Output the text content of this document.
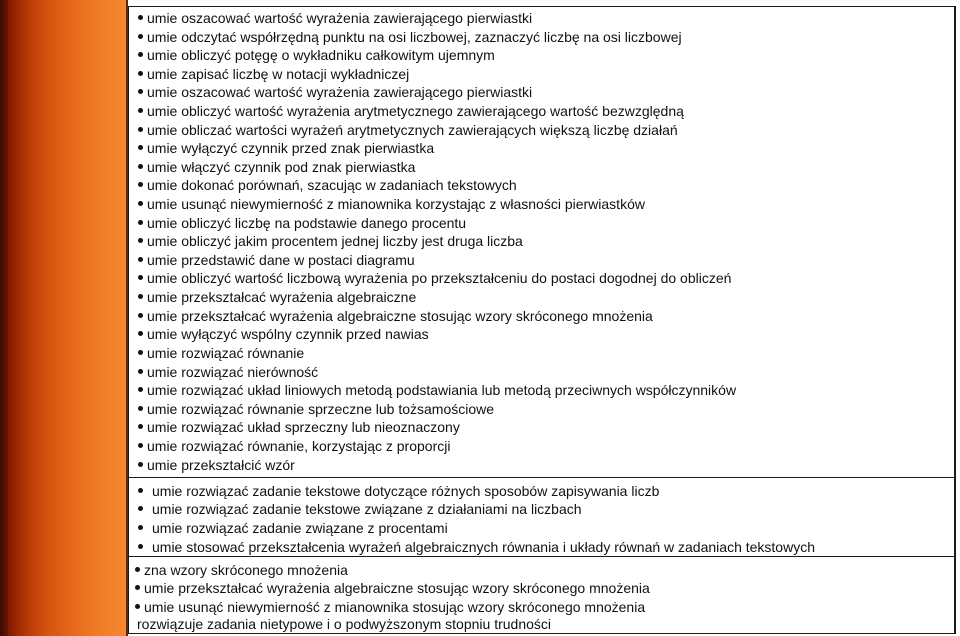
umie oszacować wartość wyrażenia zawierającego pierwiastki
umie odczytać współrzędną punktu na osi liczbowej, zaznaczyć liczbę na osi liczbowej
umie obliczyć potęgę o wykładniku całkowitym ujemnym
umie zapisać liczbę w notacji wykładniczej
umie oszacować wartość wyrażenia zawierającego pierwiastki
umie obliczyć wartość wyrażenia arytmetycznego zawierającego wartość bezwzględną
umie obliczać wartości wyrażeń arytmetycznych zawierających większą liczbę działań
umie wyłączyć czynnik przed znak pierwiastka
umie włączyć czynnik pod znak pierwiastka
umie dokonać porównań, szacując w zadaniach tekstowych
umie usunąć niewymierność z mianownika korzystając z własności pierwiastków
umie obliczyć liczbę na podstawie danego procentu
umie obliczyć jakim procentem jednej liczby jest druga liczba
umie przedstawić dane w postaci diagramu
umie obliczyć wartość liczbową wyrażenia po przekształceniu do postaci dogodnej do obliczeń
umie przekształcać wyrażenia algebraiczne
umie przekształcać wyrażenia algebraiczne stosując wzory skróconego mnożenia
umie wyłączyć wspólny czynnik przed nawias
umie rozwiązać równanie
umie rozwiązać nierówność
umie rozwiązać układ liniowych metodą podstawiania lub metodą przeciwnych współczynników
umie rozwiązać równanie sprzeczne lub tożsamościowe
umie rozwiązać układ sprzeczny lub nieoznaczony
umie rozwiązać równanie, korzystając z proporcji
umie przekształcić wzór
umie rozwiązać zadanie tekstowe dotyczące różnych sposobów zapisywania liczb
umie rozwiązać zadanie tekstowe związane z działaniami na liczbach
umie rozwiązać zadanie związane z procentami
umie stosować przekształcenia wyrażeń algebraicznych równania i układy równań w zadaniach tekstowych
zna wzory skróconego mnożenia
umie przekształcać wyrażenia algebraiczne stosując wzory skróconego mnożenia
umie usunąć niewymierność z mianownika stosując wzory skróconego mnożenia
rozwiązuje zadania nietypowe i o podwyższonym stopniu trudności
